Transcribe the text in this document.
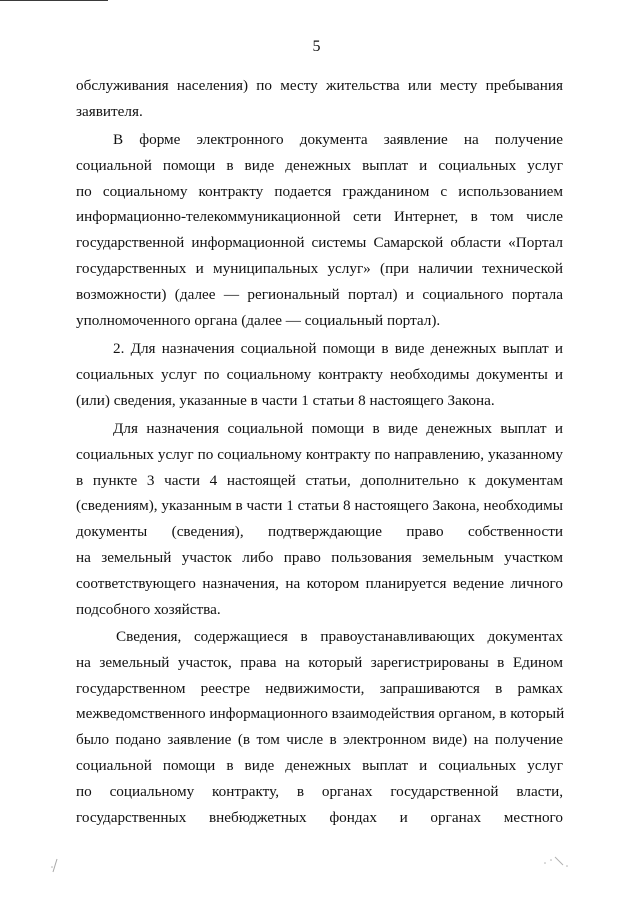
5
обслуживания населения) по месту жительства или месту пребывания
заявителя.
В форме электронного документа заявление на получение
социальной помощи в виде денежных выплат и социальных услуг
по социальному контракту подается гражданином с использованием
информационно-телекоммуникационной сети Интернет, в том числе
государственной информационной системы Самарской области «Портал
государственных и муниципальных услуг» (при наличии технической
возможности) (далее — региональный портал) и социального портала
уполномоченного органа (далее — социальный портал).
2. Для назначения социальной помощи в виде денежных выплат и
социальных услуг по социальному контракту необходимы документы и
(или) сведения, указанные в части 1 статьи 8 настоящего Закона.
Для назначения социальной помощи в виде денежных выплат и
социальных услуг по социальному контракту по направлению, указанному
в пункте 3 части 4 настоящей статьи, дополнительно к документам
(сведениям), указанным в части 1 статьи 8 настоящего Закона, необходимы
документы (сведения), подтверждающие право собственности
на земельный участок либо право пользования земельным участком
соответствующего назначения, на котором планируется ведение личного
подсобного хозяйства.
Сведения, содержащиеся в правоустанавливающих документах
на земельный участок, права на который зарегистрированы в Едином
государственном реестре недвижимости, запрашиваются в рамках
межведомственного информационного взаимодействия органом, в который
было подано заявление (в том числе в электронном виде) на получение
социальной помощи в виде денежных выплат и социальных услуг
по социальному контракту, в органах государственной власти,
государственных внебюджетных фондах и органах местного
